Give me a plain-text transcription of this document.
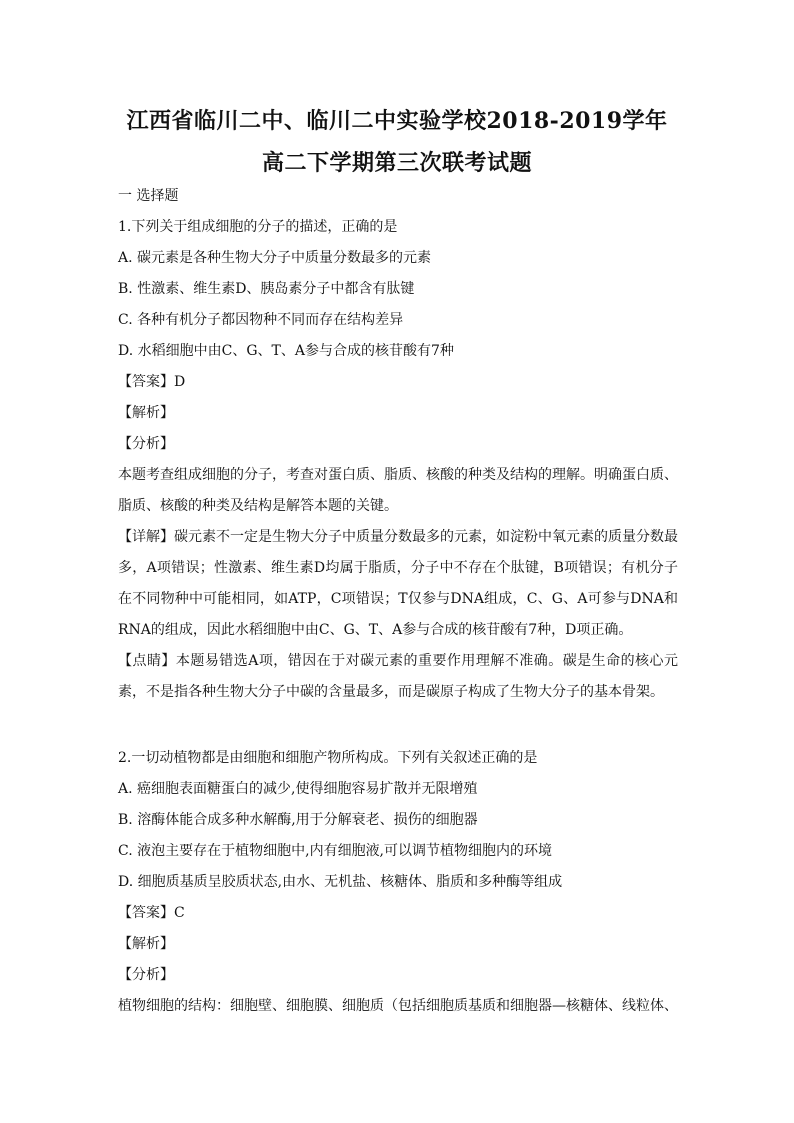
江西省临川二中、临川二中实验学校2018-2019学年
高二下学期第三次联考试题
一 选择题
1.下列关于组成细胞的分子的描述，正确的是
A. 碳元素是各种生物大分子中质量分数最多的元素
B. 性激素、维生素D、胰岛素分子中都含有肽键
C. 各种有机分子都因物种不同而存在结构差异
D. 水稻细胞中由C、G、T、A参与合成的核苷酸有7种
【答案】D
【解析】
【分析】
本题考查组成细胞的分子，考查对蛋白质、脂质、核酸的种类及结构的理解。明确蛋白质、脂质、核酸的种类及结构是解答本题的关键。
【详解】碳元素不一定是生物大分子中质量分数最多的元素，如淀粉中氧元素的质量分数最多，A项错误；性激素、维生素D均属于脂质，分子中不存在个肽键，B项错误；有机分子在不同物种中可能相同，如ATP，C项错误；T仅参与DNA组成，C、G、A可参与DNA和RNA的组成，因此水稻细胞中由C、G、T、A参与合成的核苷酸有7种，D项正确。
【点睛】本题易错选A项，错因在于对碳元素的重要作用理解不准确。碳是生命的核心元素，不是指各种生物大分子中碳的含量最多，而是碳原子构成了生物大分子的基本骨架。
2.一切动植物都是由细胞和细胞产物所构成。下列有关叙述正确的是
A. 癌细胞表面糖蛋白的减少,使得细胞容易扩散并无限增殖
B. 溶酶体能合成多种水解酶,用于分解衰老、损伤的细胞器
C. 液泡主要存在于植物细胞中,内有细胞液,可以调节植物细胞内的环境
D. 细胞质基质呈胶质状态,由水、无机盐、核糖体、脂质和多种酶等组成
【答案】C
【解析】
【分析】
植物细胞的结构：细胞壁、细胞膜、细胞质（包括细胞质基质和细胞器—核糖体、线粒体、
